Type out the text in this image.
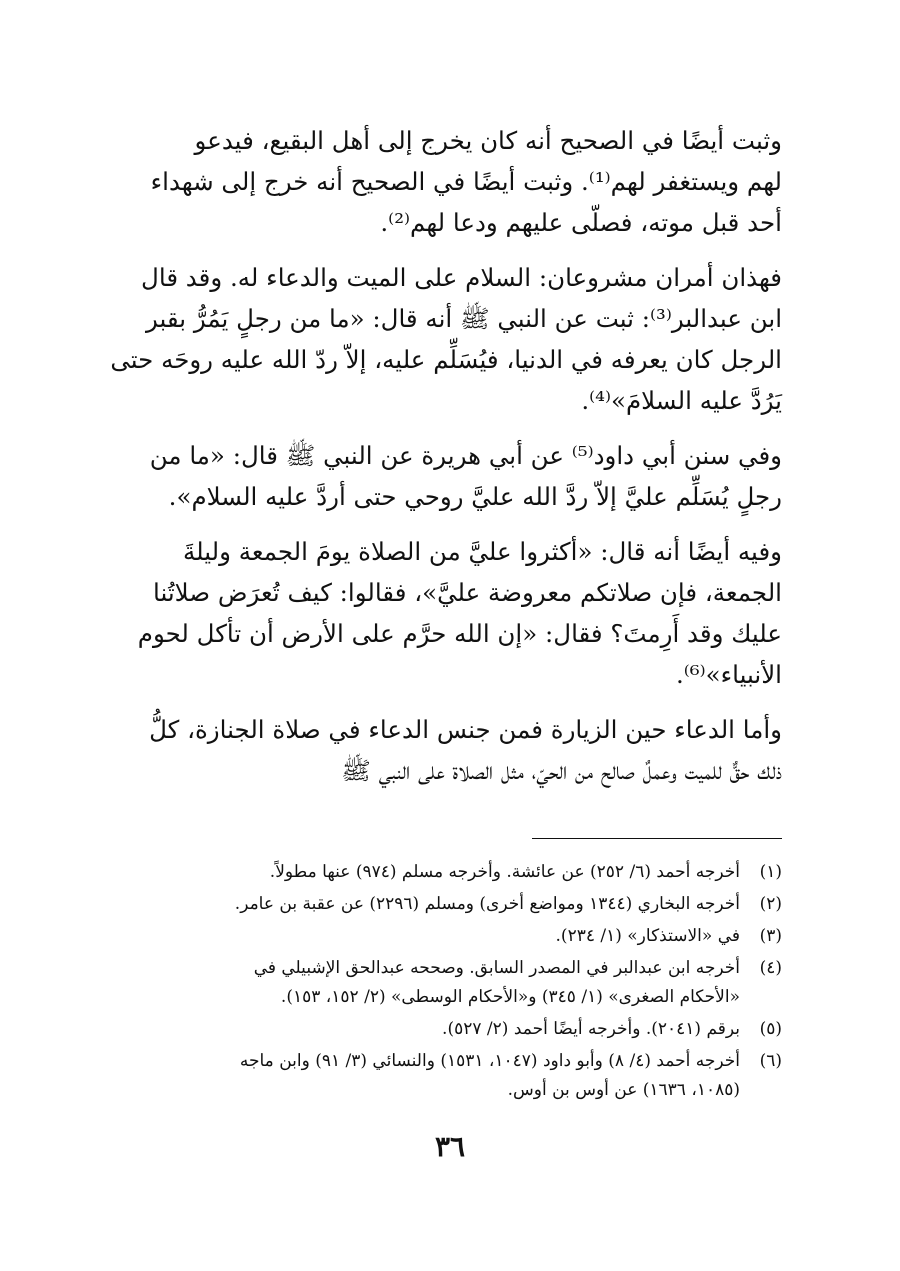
وثبت أيضًا في الصحيح أنه كان يخرج إلى أهل البقيع، فيدعو
لهم ويستغفر لهم⁽¹⁾. وثبت أيضًا في الصحيح أنه خرج إلى شهداء
أحد قبل موته، فصلّى عليهم ودعا لهم⁽²⁾.

فهذان أمران مشروعان: السلام على الميت والدعاء له. وقد قال
ابن عبدالبر⁽³⁾: ثبت عن النبي ﷺ أنه قال: «ما من رجلٍ يَمُرُّ بقبر
الرجل كان يعرفه في الدنيا، فيُسَلِّم عليه، إلاّ ردّ الله عليه روحَه حتى
يَرُدَّ عليه السلامَ»⁽⁴⁾.

وفي سنن أبي داود⁽⁵⁾ عن أبي هريرة عن النبي ﷺ قال: «ما من
رجلٍ يُسَلِّم عليَّ إلاّ ردَّ الله عليَّ روحي حتى أردَّ عليه السلام».

وفيه أيضًا أنه قال: «أكثروا عليَّ من الصلاة يومَ الجمعة وليلةَ
الجمعة، فإن صلاتكم معروضة عليَّ»، فقالوا: كيف تُعرَض صلاتُنا
عليك وقد أَرِمتَ؟ فقال: «إن الله حرَّم على الأرض أن تأكل لحوم
الأنبياء»⁽⁶⁾.

وأما الدعاء حين الزيارة فمن جنس الدعاء في صلاة الجنازة، كلُّ
ذلك حقٌّ للميت وعملٌ صالح من الحيّ، مثل الصلاة على النبي ﷺ

(١)
أخرجه أحمد (٦/ ٢٥٢) عن عائشة. وأخرجه مسلم (٩٧٤) عنها مطولاً.
(٢)
أخرجه البخاري (١٣٤٤ ومواضع أخرى) ومسلم (٢٢٩٦) عن عقبة بن عامر.
(٣)
في «الاستذكار» (١/ ٢٣٤).
(٤)
أخرجه ابن عبدالبر في المصدر السابق. وصححه عبدالحق الإشبيلي في
«الأحكام الصغرى» (١/ ٣٤٥) و«الأحكام الوسطى» (٢/ ١٥٢، ١٥٣).
(٥)
برقم (٢٠٤١). وأخرجه أيضًا أحمد (٢/ ٥٢٧).
(٦)
أخرجه أحمد (٤/ ٨) وأبو داود (١٠٤٧، ١٥٣١) والنسائي (٣/ ٩١) وابن ماجه
(١٠٨٥، ١٦٣٦) عن أوس بن أوس.
٣٦
